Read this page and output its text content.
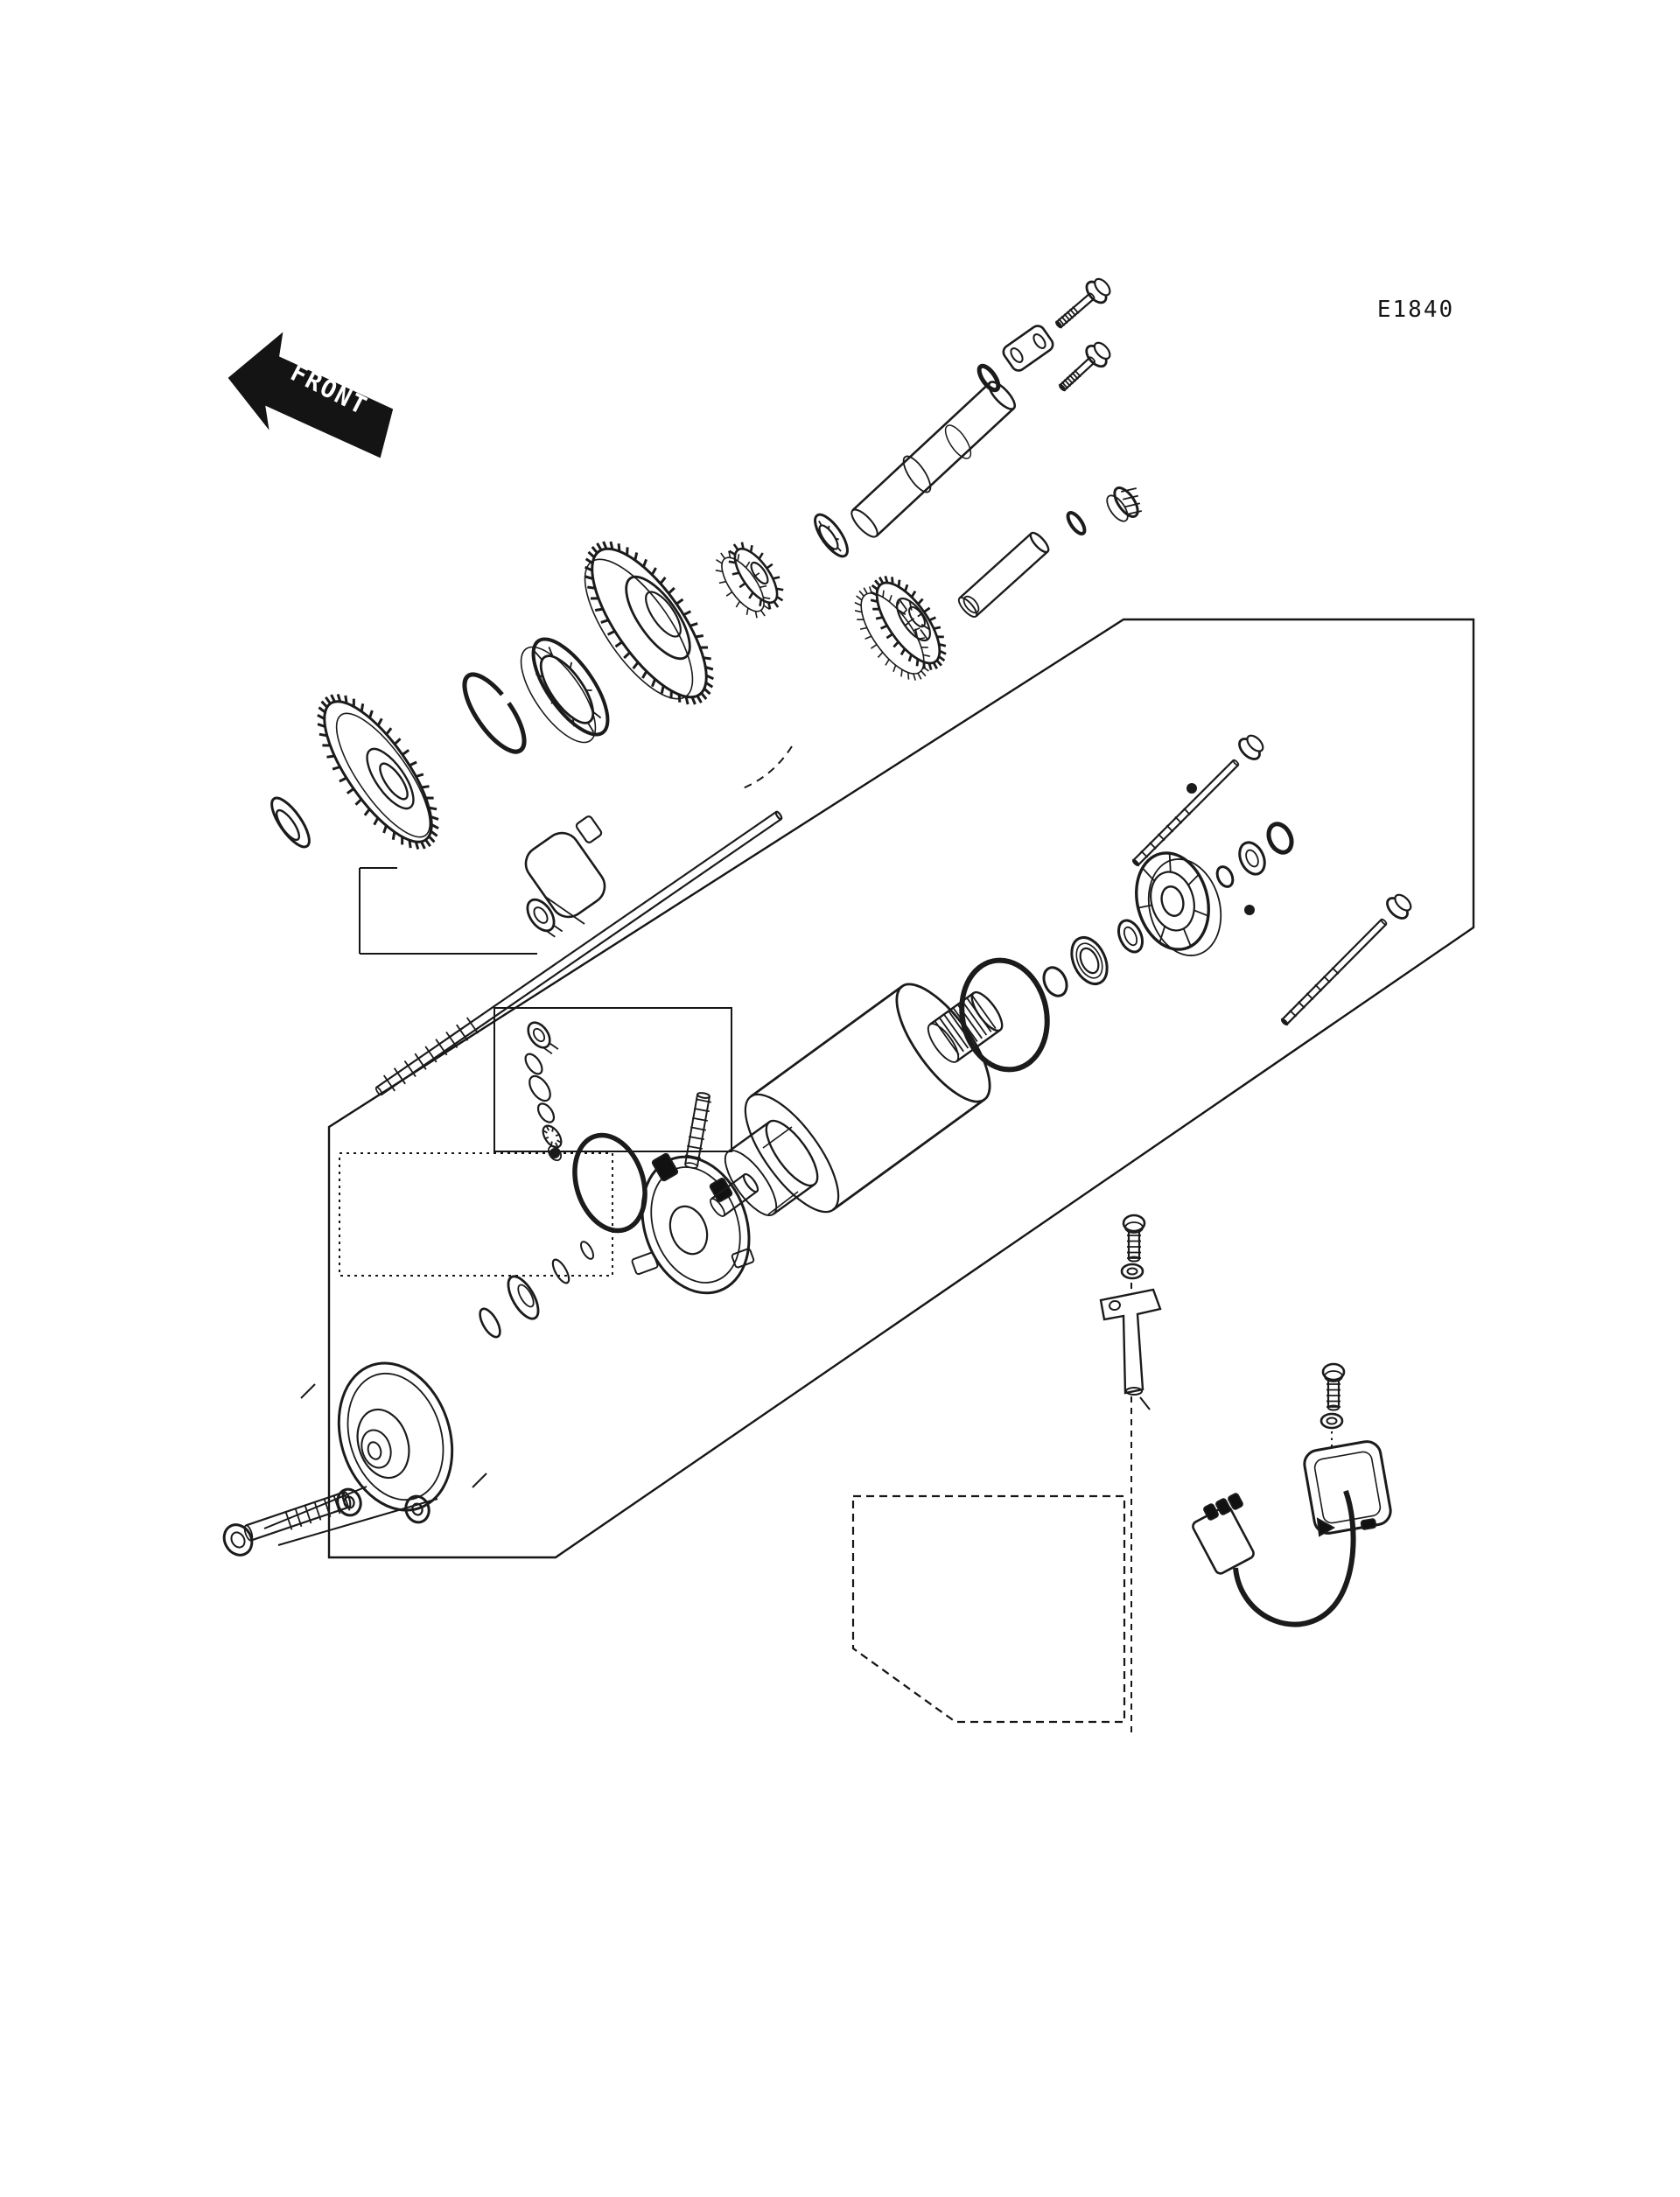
FRONT
E1840
